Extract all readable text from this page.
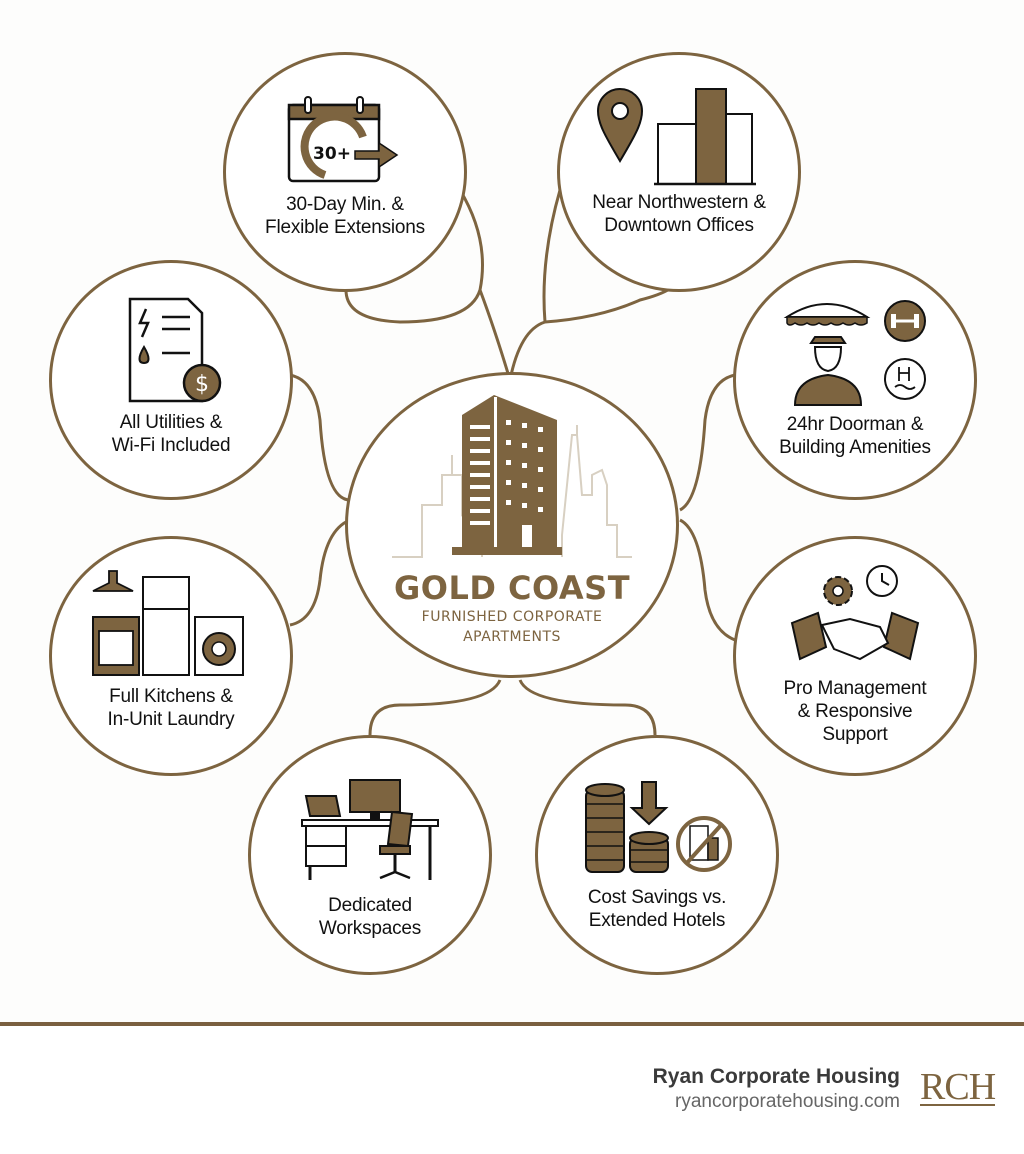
GOLD COAST
FURNISHED CORPORATE
APARTMENTS
30+
30-Day Min. &
Flexible Extensions
Near Northwestern &
Downtown Offices
$
All Utilities &
Wi-Fi Included
24hr Doorman &
Building Amenities
Full Kitchens &
In-Unit Laundry
Pro Management
& Responsive
Support
Dedicated
Workspaces
Cost Savings vs.
Extended Hotels
Ryan Corporate Housing
ryancorporatehousing.com RCH
